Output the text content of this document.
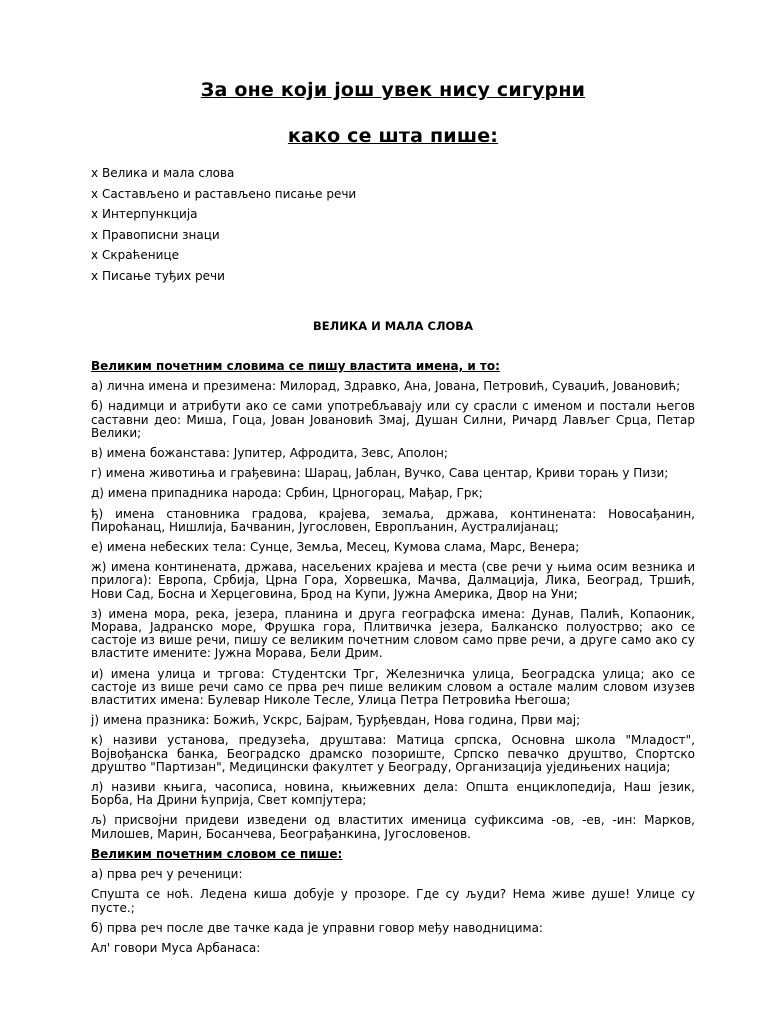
За оне који још увек нису сигурни
како се шта пише:
x Велика и мала слова
x Састављено и растављено писање речи
x Интерпункција
x Правописни знаци
x Скраћенице
x Писање туђих речи
ВЕЛИКА И МАЛА СЛОВА

Великим почетним словима се пишу властита имена, и то:

а) лична имена и презимена: Милорад, Здравко, Ана, Јована, Петровић, Суваџић, Јовановић;

б) надимци и атрибути ако се сами употребљавају или су срасли с именом и постали његов саставни део: Миша, Гоца, Јован Јовановић Змај, Душан Силни, Ричард Лављег Срца, Петар Велики;

в) имена божанстава: Јупитер, Афродита, Зевс, Аполон;

г) имена животиња и грађевина: Шарац, Јаблан, Вучко, Сава центар, Криви торањ у Пизи;

д) имена припадника народа: Србин, Црногорац, Мађар, Грк;

ђ) имена становника градова, крајева, земаља, држава, континената: Новосађанин, Пироћанац, Нишлија, Бачванин, Југословен, Европљанин, Аустралијанац;

е) имена небеских тела: Сунце, Земља, Месец, Кумова слама, Марс, Венера;

ж) имена континената, држава, насељених крајева и места (све речи у њима осим везника и прилога): Европа, Србија, Црна Гора, Хорвешка, Мачва, Далмација, Лика, Београд, Тршић, Нови Сад, Босна и Херцеговина, Брод на Купи, Јужна Америка, Двор на Уни;

з) имена мора, река, језера, планина и друга географска имена: Дунав, Палић, Копаоник, Морава, Јадранско море, Фрушка гора, Плитвичка језера, Балканско полуострво; ако се састоје из више речи, пишу се великим почетним словом само прве речи, а друге само ако су властите имените: Јужна Морава, Бели Дрим.

и) имена улица и тргова: Студентски Трг, Железничка улица, Београдска улица; ако се састоје из више речи само се прва реч пише великим словом а остале малим словом изузев властитих имена: Булевар Николе Тесле, Улица Петра Петровића Његоша;

ј) имена празника: Божић, Ускрс, Бајрам, Ђурђевдан, Нова година, Први мај;

к) називи установа, предузећа, друштава: Матица српска, Основна школа "Младост", Војвођанска банка, Београдско драмско позориште, Српско певачко друштво, Спортско друштво "Партизан", Медицински факултет у Београду, Организација уједињених нација;

л) називи књига, часописа, новина, књижевних дела: Општа енциклопедија, Наш језик, Борба, На Дрини ћуприја, Свет компјутера;

љ) присвојни придеви изведени од властитих именица суфиксима -ов, -ев, -ин: Марков, Милошев, Марин, Босанчева, Београђанкина, Југословенов.

Великим почетним словом се пише:

а) прва реч у реченици:

Спушта се ноћ. Ледена киша добује у прозоре. Где су људи? Нема живе душе! Улице су пусте.;

б) прва реч после две тачке када је управни говор међу наводницима:

Ал' говори Муса Арбанаса:
